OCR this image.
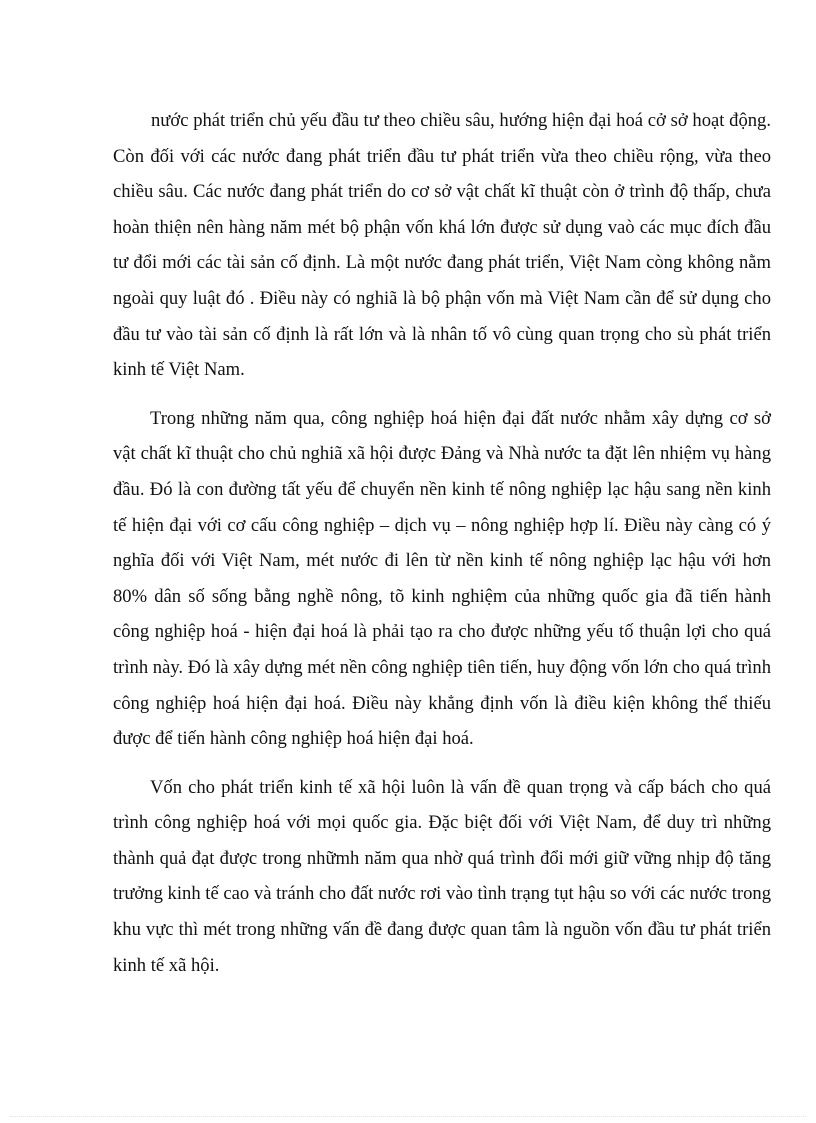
nước phát triển chủ yếu đầu tư theo chiều sâu, hướng hiện đại hoá cở sở hoạt động. Còn đối với các nước đang phát triển đầu tư phát triển vừa theo chiều rộng, vừa theo chiều sâu. Các nước đang phát triển do cơ sở vật chất kĩ thuật còn ở trình độ thấp, chưa hoàn thiện nên hàng năm mét bộ phận vốn khá lớn được sử dụng vaò các mục đích đầu tư đổi mới các tài sản cố định. Là một nước đang phát triển, Việt Nam còng không nằm ngoài quy luật đó . Điều này có nghiã là bộ phận vốn mà Việt Nam cần để sử dụng cho đầu tư vào tài sản cố định là rất lớn và là nhân tố vô cùng quan trọng cho sù phát triển kinh tế Việt Nam.

Trong những năm qua, công nghiệp hoá hiện đại đất nước nhằm xây dựng cơ sở vật chất kĩ thuật cho chủ nghiã xã hội được Đảng và Nhà nước ta đặt lên nhiệm vụ hàng đầu. Đó là con đường tất yếu để chuyển nền kinh tế nông nghiệp lạc hậu sang nền kinh tế hiện đại với cơ cấu công nghiệp – dịch vụ – nông nghiệp hợp lí. Điều này càng có ý nghĩa đối với Việt Nam, mét nước đi lên từ nền kinh tế nông nghiệp lạc hậu với hơn 80% dân số sống bằng nghề nông, tõ kinh nghiệm của những quốc gia đã tiến hành công nghiệp hoá - hiện đại hoá là phải tạo ra cho được những yếu tố thuận lợi cho quá trình này. Đó là xây dựng mét nền công nghiệp tiên tiến, huy động vốn lớn cho quá trình công nghiệp hoá hiện đại hoá. Điều này khẳng định vốn là điều kiện không thể thiếu được để tiến hành công nghiệp hoá hiện đại hoá.

Vốn cho phát triển kinh tế xã hội luôn là vấn đề quan trọng và cấp bách cho quá trình công nghiệp hoá với mọi quốc gia. Đặc biệt đối với Việt Nam, để duy trì những thành quả đạt được trong nhữmh năm qua nhờ quá trình đổi mới giữ vững nhịp độ tăng trưởng kinh tế cao và tránh cho đất nước rơi vào tình trạng tụt hậu so với các nước trong khu vực thì mét trong những vấn đề đang được quan tâm là nguồn vốn đầu tư phát triển kinh tế xã hội.
